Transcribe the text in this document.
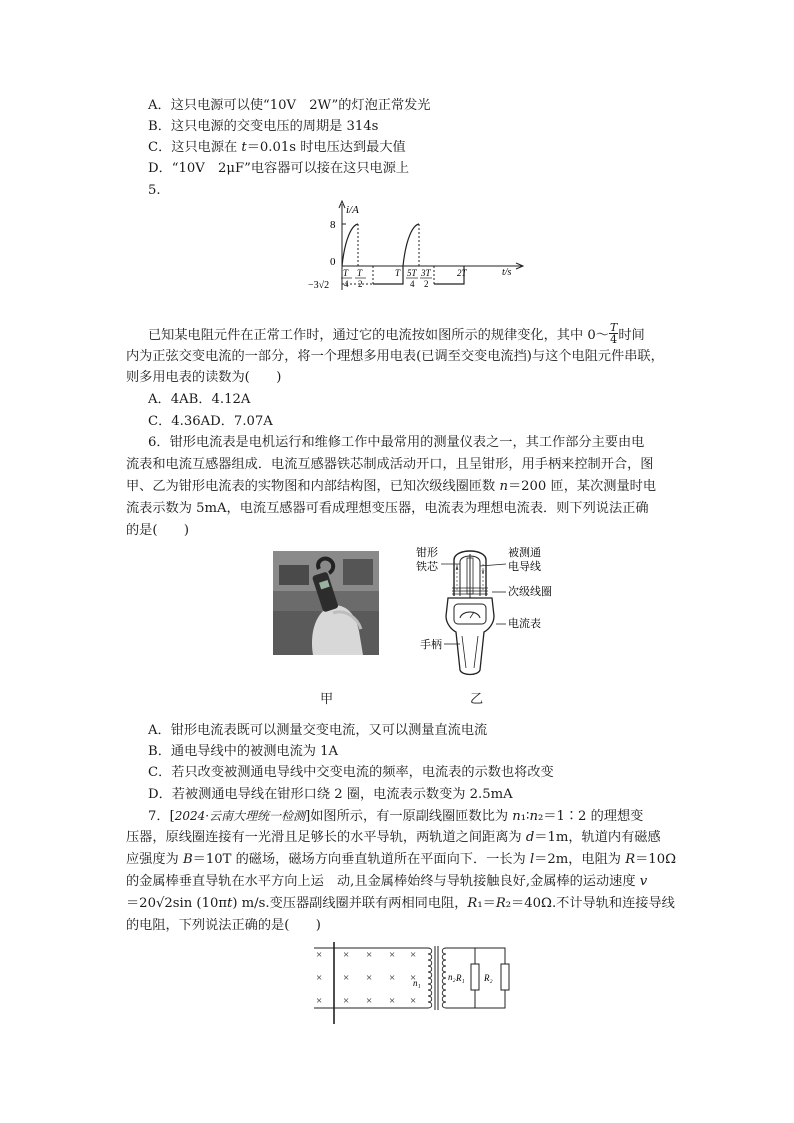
A．这只电源可以使“10V　2W”的灯泡正常发光
B．这只电源的交变电压的周期是 314s
C．这只电源在 t＝0.01s 时电压达到最大值
D．“10V　2μF”电容器可以接在这只电源上
5.
i/A
t/s
8
0
−3√2
T
4
T
2
T 5T
4
3T
2
2T
已知某电阻元件在正常工作时，通过它的电流按如图所示的规律变化，其中 0～ $\frac{T}{4}$ 时间
内为正弦交变电流的一部分，将一个理想多用电表(已调至交变电流挡)与这个电阻元件串联，
则多用电表的读数为(　　)
A．4AB．4.12A
C．4.36AD．7.07A
6．钳形电流表是电机运行和维修工作中最常用的测量仪表之一，其工作部分主要由电
流表和电流互感器组成．电流互感器铁芯制成活动开口，且呈钳形，用手柄来控制开合，图
甲、乙为钳形电流表的实物图和内部结构图，已知次级线圈匝数 n＝200 匝，某次测量时电
流表示数为 5mA，电流互感器可看成理想变压器，电流表为理想电流表．则下列说法正确
的是(　　)
甲
钳形
铁芯
被测通
电导线
次级线圈
电流表
手柄
乙
A．钳形电流表既可以测量交变电流，又可以测量直流电流
B．通电导线中的被测电流为 1A
C．若只改变被测通电导线中交变电流的频率，电流表的示数也将改变
D．若被测通电导线在钳形口绕 2 圈，电流表示数变为 2.5mA
7．[2024·云南大理统一检测]如图所示，有一原副线圈匝数比为 n₁∶n₂＝1∶2 的理想变
压器，原线圈连接有一光滑且足够长的水平导轨，两轨道之间距离为 d＝1m，轨道内有磁感
应强度为 B＝10T 的磁场，磁场方向垂直轨道所在平面向下．一长为 l＝2m，电阻为 R＝10Ω
的金属棒垂直导轨在水平方向上运　动,且金属棒始终与导轨接触良好,金属棒的运动速度 v
＝20√2sin (10πt) m/s.变压器副线圈并联有两相同电阻，R₁＝R₂＝40Ω.不计导轨和连接导线
的电阻，下列说法正确的是(　　)
×
×
×
×
×
×
×
×
×
×
×
×
×
×
×
n₁
n₂ R₁ R₂
